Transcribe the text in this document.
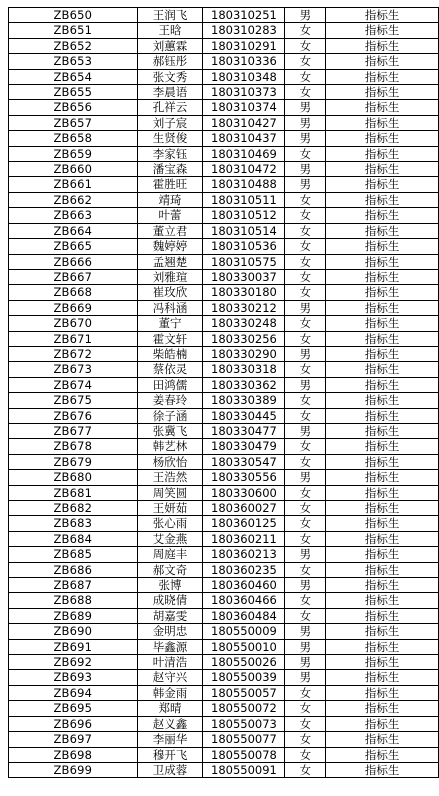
ZB650	王润飞	180310251	男	指标生
ZB651	王晗	180310283	女	指标生
ZB652	刘蕙霖	180310291	女	指标生
ZB653	郝钰彤	180310336	女	指标生
ZB654	张文秀	180310348	女	指标生
ZB655	李晨语	180310373	女	指标生
ZB656	孔祥云	180310374	男	指标生
ZB657	刘子宸	180310427	男	指标生
ZB658	生贤俊	180310437	男	指标生
ZB659	李家钰	180310469	女	指标生
ZB660	潘宝森	180310472	男	指标生
ZB661	霍胜旺	180310488	男	指标生
ZB662	靖琦	180310511	女	指标生
ZB663	叶蕾	180310512	女	指标生
ZB664	董立君	180310514	女	指标生
ZB665	魏婷婷	180310536	女	指标生
ZB666	孟翘楚	180310575	女	指标生
ZB667	刘雅瑄	180330037	女	指标生
ZB668	崔玫欣	180330180	女	指标生
ZB669	冯科涵	180330212	男	指标生
ZB670	董宁	180330248	女	指标生
ZB671	霍文轩	180330256	女	指标生
ZB672	柴皓楠	180330290	男	指标生
ZB673	蔡依灵	180330318	女	指标生
ZB674	田鸿儒	180330362	男	指标生
ZB675	姜春玲	180330389	女	指标生
ZB676	徐子涵	180330445	女	指标生
ZB677	张冀飞	180330477	男	指标生
ZB678	韩艺林	180330479	女	指标生
ZB679	杨欣怡	180330547	女	指标生
ZB680	王浩然	180330556	男	指标生
ZB681	周笑圆	180330600	女	指标生
ZB682	王妍茹	180360027	女	指标生
ZB683	张心雨	180360125	女	指标生
ZB684	艾金燕	180360211	女	指标生
ZB685	周庭丰	180360213	男	指标生
ZB686	郝文奇	180360235	女	指标生
ZB687	张博	180360460	男	指标生
ZB688	成晓倩	180360466	女	指标生
ZB689	胡嘉雯	180360484	女	指标生
ZB690	金明忠	180550009	男	指标生
ZB691	毕鑫源	180550010	男	指标生
ZB692	叶清浩	180550026	男	指标生
ZB693	赵守兴	180550039	男	指标生
ZB694	韩金雨	180550057	女	指标生
ZB695	郑晴	180550072	女	指标生
ZB696	赵义鑫	180550073	女	指标生
ZB697	李丽华	180550077	女	指标生
ZB698	穆开飞	180550078	女	指标生
ZB699	卫成蓉	180550091	女	指标生
